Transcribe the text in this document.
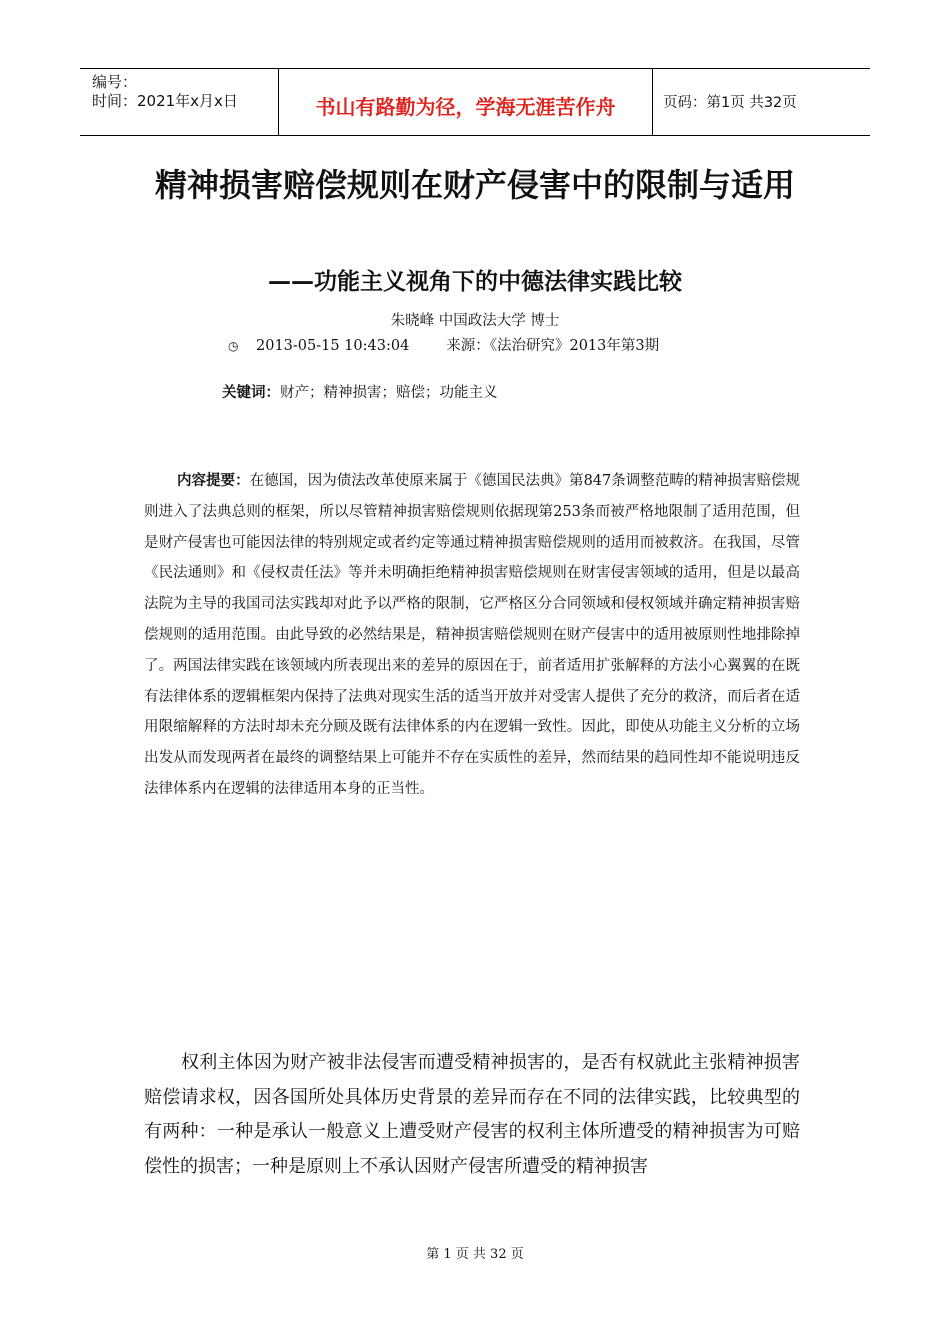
编号：
时间：2021年x月x日	书山有路勤为径，学海无涯苦作舟	页码：第1页 共32页
精神损害赔偿规则在财产侵害中的限制与适用
——功能主义视角下的中德法律实践比较
朱晓峰 中国政法大学 博士
◷ 2013-05-15 10:43:04	来源：《法治研究》2013年第3期
关键词：财产；精神损害；赔偿；功能主义
内容提要：在德国，因为债法改革使原来属于《德国民法典》第847条调整范畴的精神损害赔偿规则进入了法典总则的框架，所以尽管精神损害赔偿规则依据现第253条而被严格地限制了适用范围，但是财产侵害也可能因法律的特别规定或者约定等通过精神损害赔偿规则的适用而被救济。在我国，尽管《民法通则》和《侵权责任法》等并未明确拒绝精神损害赔偿规则在财害侵害领域的适用，但是以最高法院为主导的我国司法实践却对此予以严格的限制，它严格区分合同领域和侵权领域并确定精神损害赔偿规则的适用范围。由此导致的必然结果是，精神损害赔偿规则在财产侵害中的适用被原则性地排除掉了。两国法律实践在该领域内所表现出来的差异的原因在于，前者适用扩张解释的方法小心翼翼的在既有法律体系的逻辑框架内保持了法典对现实生活的适当开放并对受害人提供了充分的救济，而后者在适用限缩解释的方法时却未充分顾及既有法律体系的内在逻辑一致性。因此，即使从功能主义分析的立场出发从而发现两者在最终的调整结果上可能并不存在实质性的差异，然而结果的趋同性却不能说明违反法律体系内在逻辑的法律适用本身的正当性。
权利主体因为财产被非法侵害而遭受精神损害的，是否有权就此主张精神损害赔偿请求权，因各国所处具体历史背景的差异而存在不同的法律实践，比较典型的有两种：一种是承认一般意义上遭受财产侵害的权利主体所遭受的精神损害为可赔偿性的损害；一种是原则上不承认因财产侵害所遭受的精神损害
第 1 页 共 32 页
